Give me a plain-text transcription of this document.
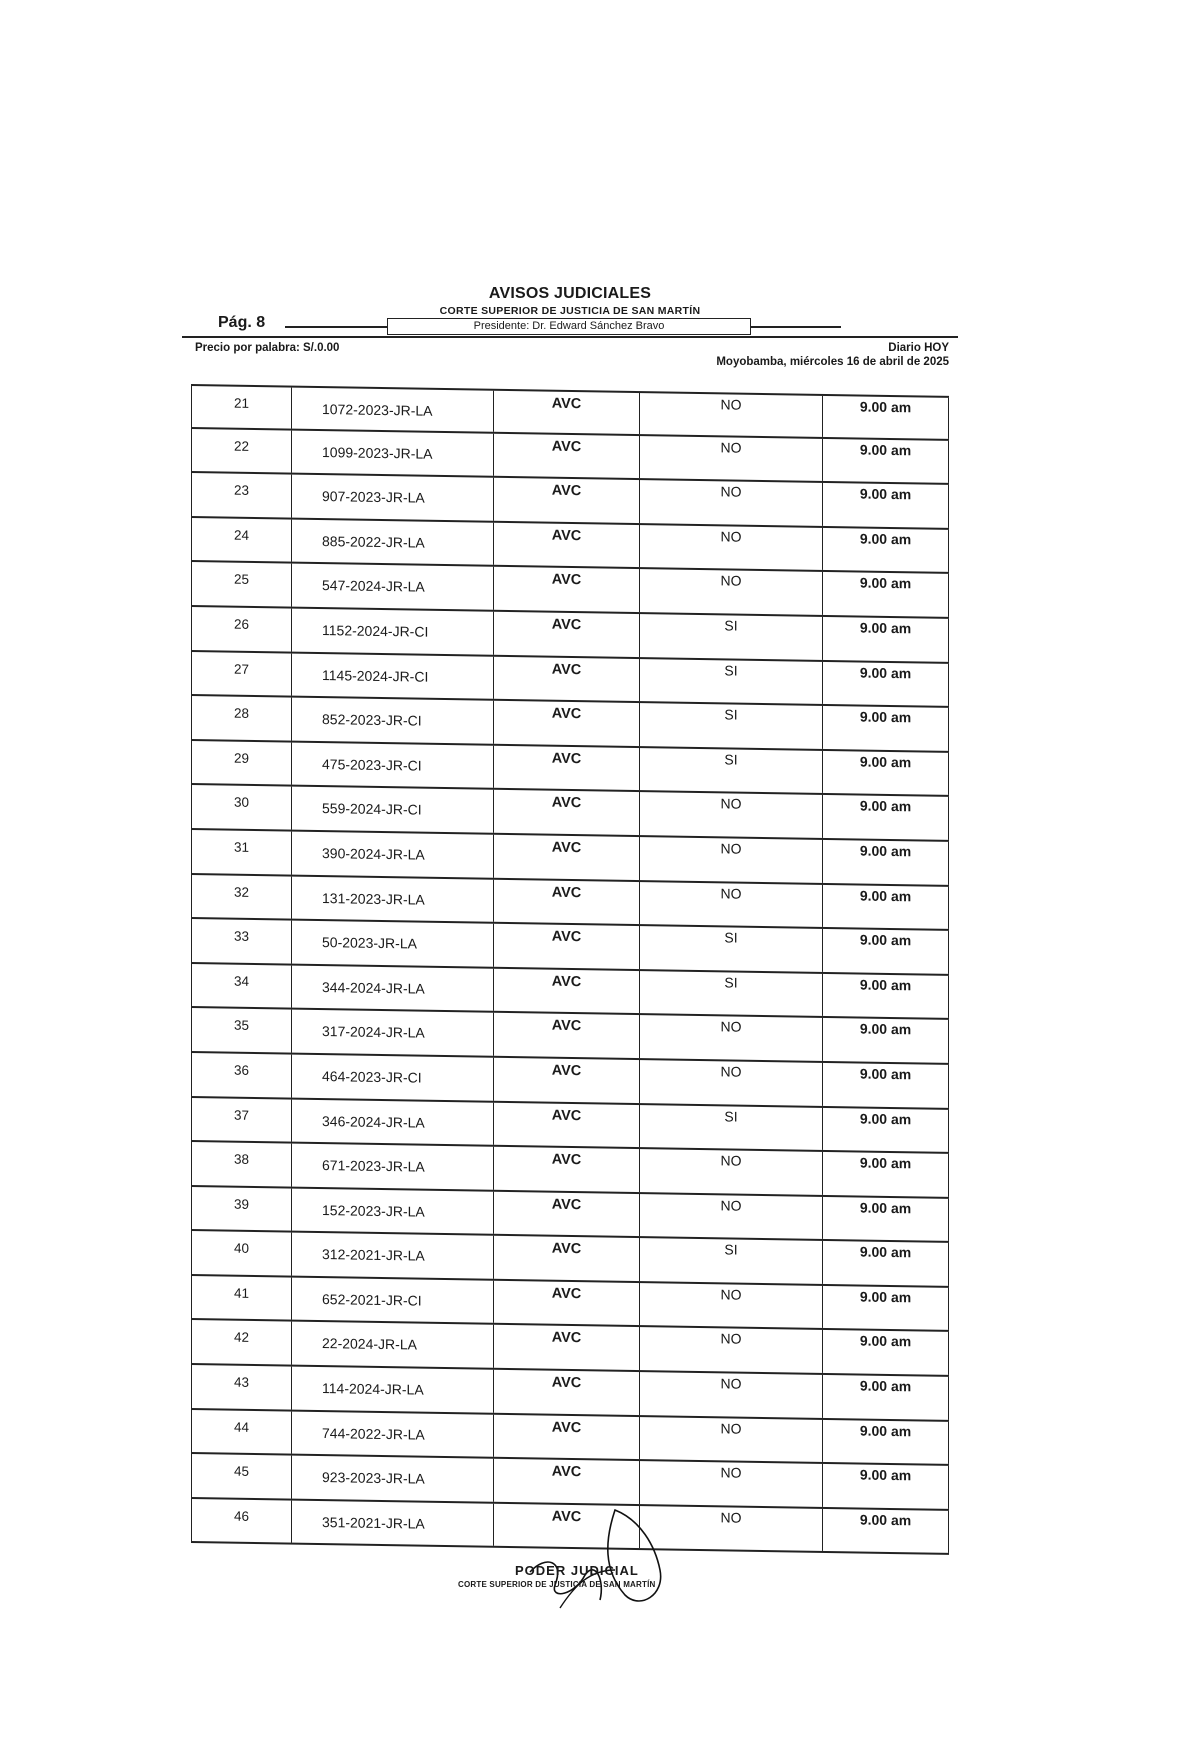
AVISOS JUDICIALES
CORTE SUPERIOR DE JUSTICIA DE SAN MARTÍN
Presidente: Dr. Edward Sánchez Bravo
Pág. 8
Precio por palabra: S/.0.00	Diario HOY
Moyobamba, miércoles 16 de abril de 2025
21	1072-2023-JR-LA	AVC	NO	9.00 am
22	1099-2023-JR-LA	AVC	NO	9.00 am
23	907-2023-JR-LA	AVC	NO	9.00 am
24	885-2022-JR-LA	AVC	NO	9.00 am
25	547-2024-JR-LA	AVC	NO	9.00 am
26	1152-2024-JR-CI	AVC	SI	9.00 am
27	1145-2024-JR-CI	AVC	SI	9.00 am
28	852-2023-JR-CI	AVC	SI	9.00 am
29	475-2023-JR-CI	AVC	SI	9.00 am
30	559-2024-JR-CI	AVC	NO	9.00 am
31	390-2024-JR-LA	AVC	NO	9.00 am
32	131-2023-JR-LA	AVC	NO	9.00 am
33	50-2023-JR-LA	AVC	SI	9.00 am
34	344-2024-JR-LA	AVC	SI	9.00 am
35	317-2024-JR-LA	AVC	NO	9.00 am
36	464-2023-JR-CI	AVC	NO	9.00 am
37	346-2024-JR-LA	AVC	SI	9.00 am
38	671-2023-JR-LA	AVC	NO	9.00 am
39	152-2023-JR-LA	AVC	NO	9.00 am
40	312-2021-JR-LA	AVC	SI	9.00 am
41	652-2021-JR-CI	AVC	NO	9.00 am
42	22-2024-JR-LA	AVC	NO	9.00 am
43	114-2024-JR-LA	AVC	NO	9.00 am
44	744-2022-JR-LA	AVC	NO	9.00 am
45	923-2023-JR-LA	AVC	NO	9.00 am
46	351-2021-JR-LA	AVC	NO	9.00 am
PODER JUDICIAL
CORTE SUPERIOR DE JUSTICIA DE SAN MARTÍN
